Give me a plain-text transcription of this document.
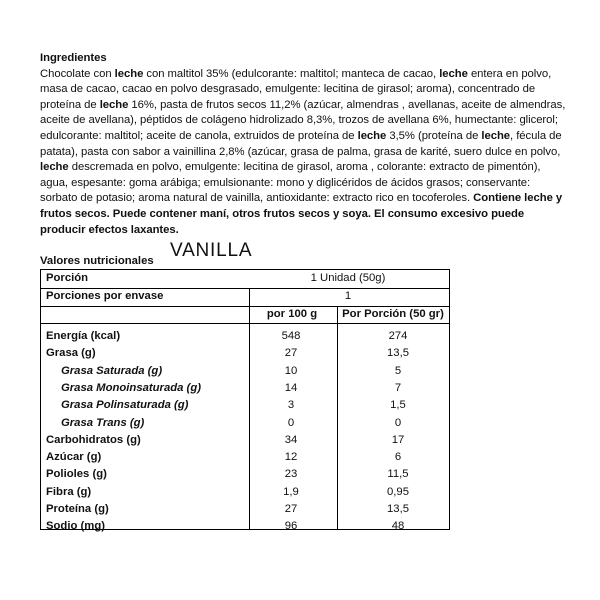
Ingredientes
Chocolate con leche con maltitol 35% (edulcorante: maltitol; manteca de cacao, leche entera en polvo, masa de cacao, cacao en polvo desgrasado, emulgente: lecitina de girasol; aroma), concentrado de proteína de leche 16%, pasta de frutos secos 11,2% (azúcar, almendras , avellanas, aceite de almendras, aceite de avellana), péptidos de colágeno hidrolizado 8,3%, trozos de avellana 6%, humectante: glicerol; edulcorante: maltitol; aceite de canola, extruidos de proteína de leche 3,5% (proteína de leche, fécula de patata), pasta con sabor a vainillina 2,8% (azúcar, grasa de palma, grasa de karité, suero dulce en polvo, leche descremada en polvo, emulgente: lecitina de girasol, aroma , colorante: extracto de pimentón), agua, espesante: goma arábiga; emulsionante: mono y diglicéridos de ácidos grasos; conservante: sorbato de potasio; aroma natural de vainilla, antioxidante: extracto rico en tocoferoles. Contiene leche y frutos secos. Puede contener maní, otros frutos secos y soya. El consumo excesivo puede producir efectos laxantes.
Valores nutricionales VANILLA
Porción	1 Unidad (50g)
Porciones por envase	1
por 100 g	Por Porción (50 gr)
Energía (kcal)	548	274
Grasa (g)	27	13,5
Grasa Saturada (g)	10	5
Grasa Monoinsaturada (g)	14	7
Grasa Polinsaturada (g)	3	1,5
Grasa Trans (g)	0	0
Carbohidratos (g)	34	17
Azúcar (g)	12	6
Polioles (g)	23	11,5
Fibra (g)	1,9	0,95
Proteína (g)	27	13,5
Sodio (mg)	96	48
